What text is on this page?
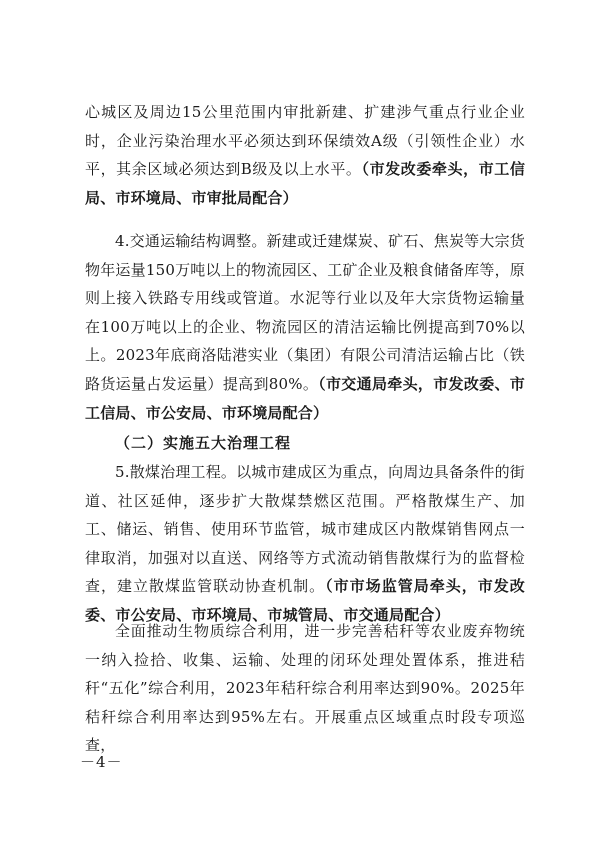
心城区及周边15公里范围内审批新建、扩建涉气重点行业企业时，企业污染治理水平必须达到环保绩效A级（引领性企业）水平，其余区域必须达到B级及以上水平。（市发改委牵头，市工信局、市环境局、市审批局配合）

4.交通运输结构调整。新建或迁建煤炭、矿石、焦炭等大宗货物年运量150万吨以上的物流园区、工矿企业及粮食储备库等，原则上接入铁路专用线或管道。水泥等行业以及年大宗货物运输量在100万吨以上的企业、物流园区的清洁运输比例提高到70%以上。2023年底商洛陆港实业（集团）有限公司清洁运输占比（铁路货运量占发运量）提高到80%。（市交通局牵头，市发改委、市工信局、市公安局、市环境局配合）

（二）实施五大治理工程

5.散煤治理工程。以城市建成区为重点，向周边具备条件的街道、社区延伸，逐步扩大散煤禁燃区范围。严格散煤生产、加工、储运、销售、使用环节监管，城市建成区内散煤销售网点一律取消，加强对以直送、网络等方式流动销售散煤行为的监督检查，建立散煤监管联动协查机制。（市市场监管局牵头，市发改委、市公安局、市环境局、市城管局、市交通局配合）

全面推动生物质综合利用，进一步完善秸秆等农业废弃物统一纳入捡拾、收集、运输、处理的闭环处理处置体系，推进秸秆“五化”综合利用，2023年秸秆综合利用率达到90%。2025年秸秆综合利用率达到95%左右。开展重点区域重点时段专项巡查，

－4－
